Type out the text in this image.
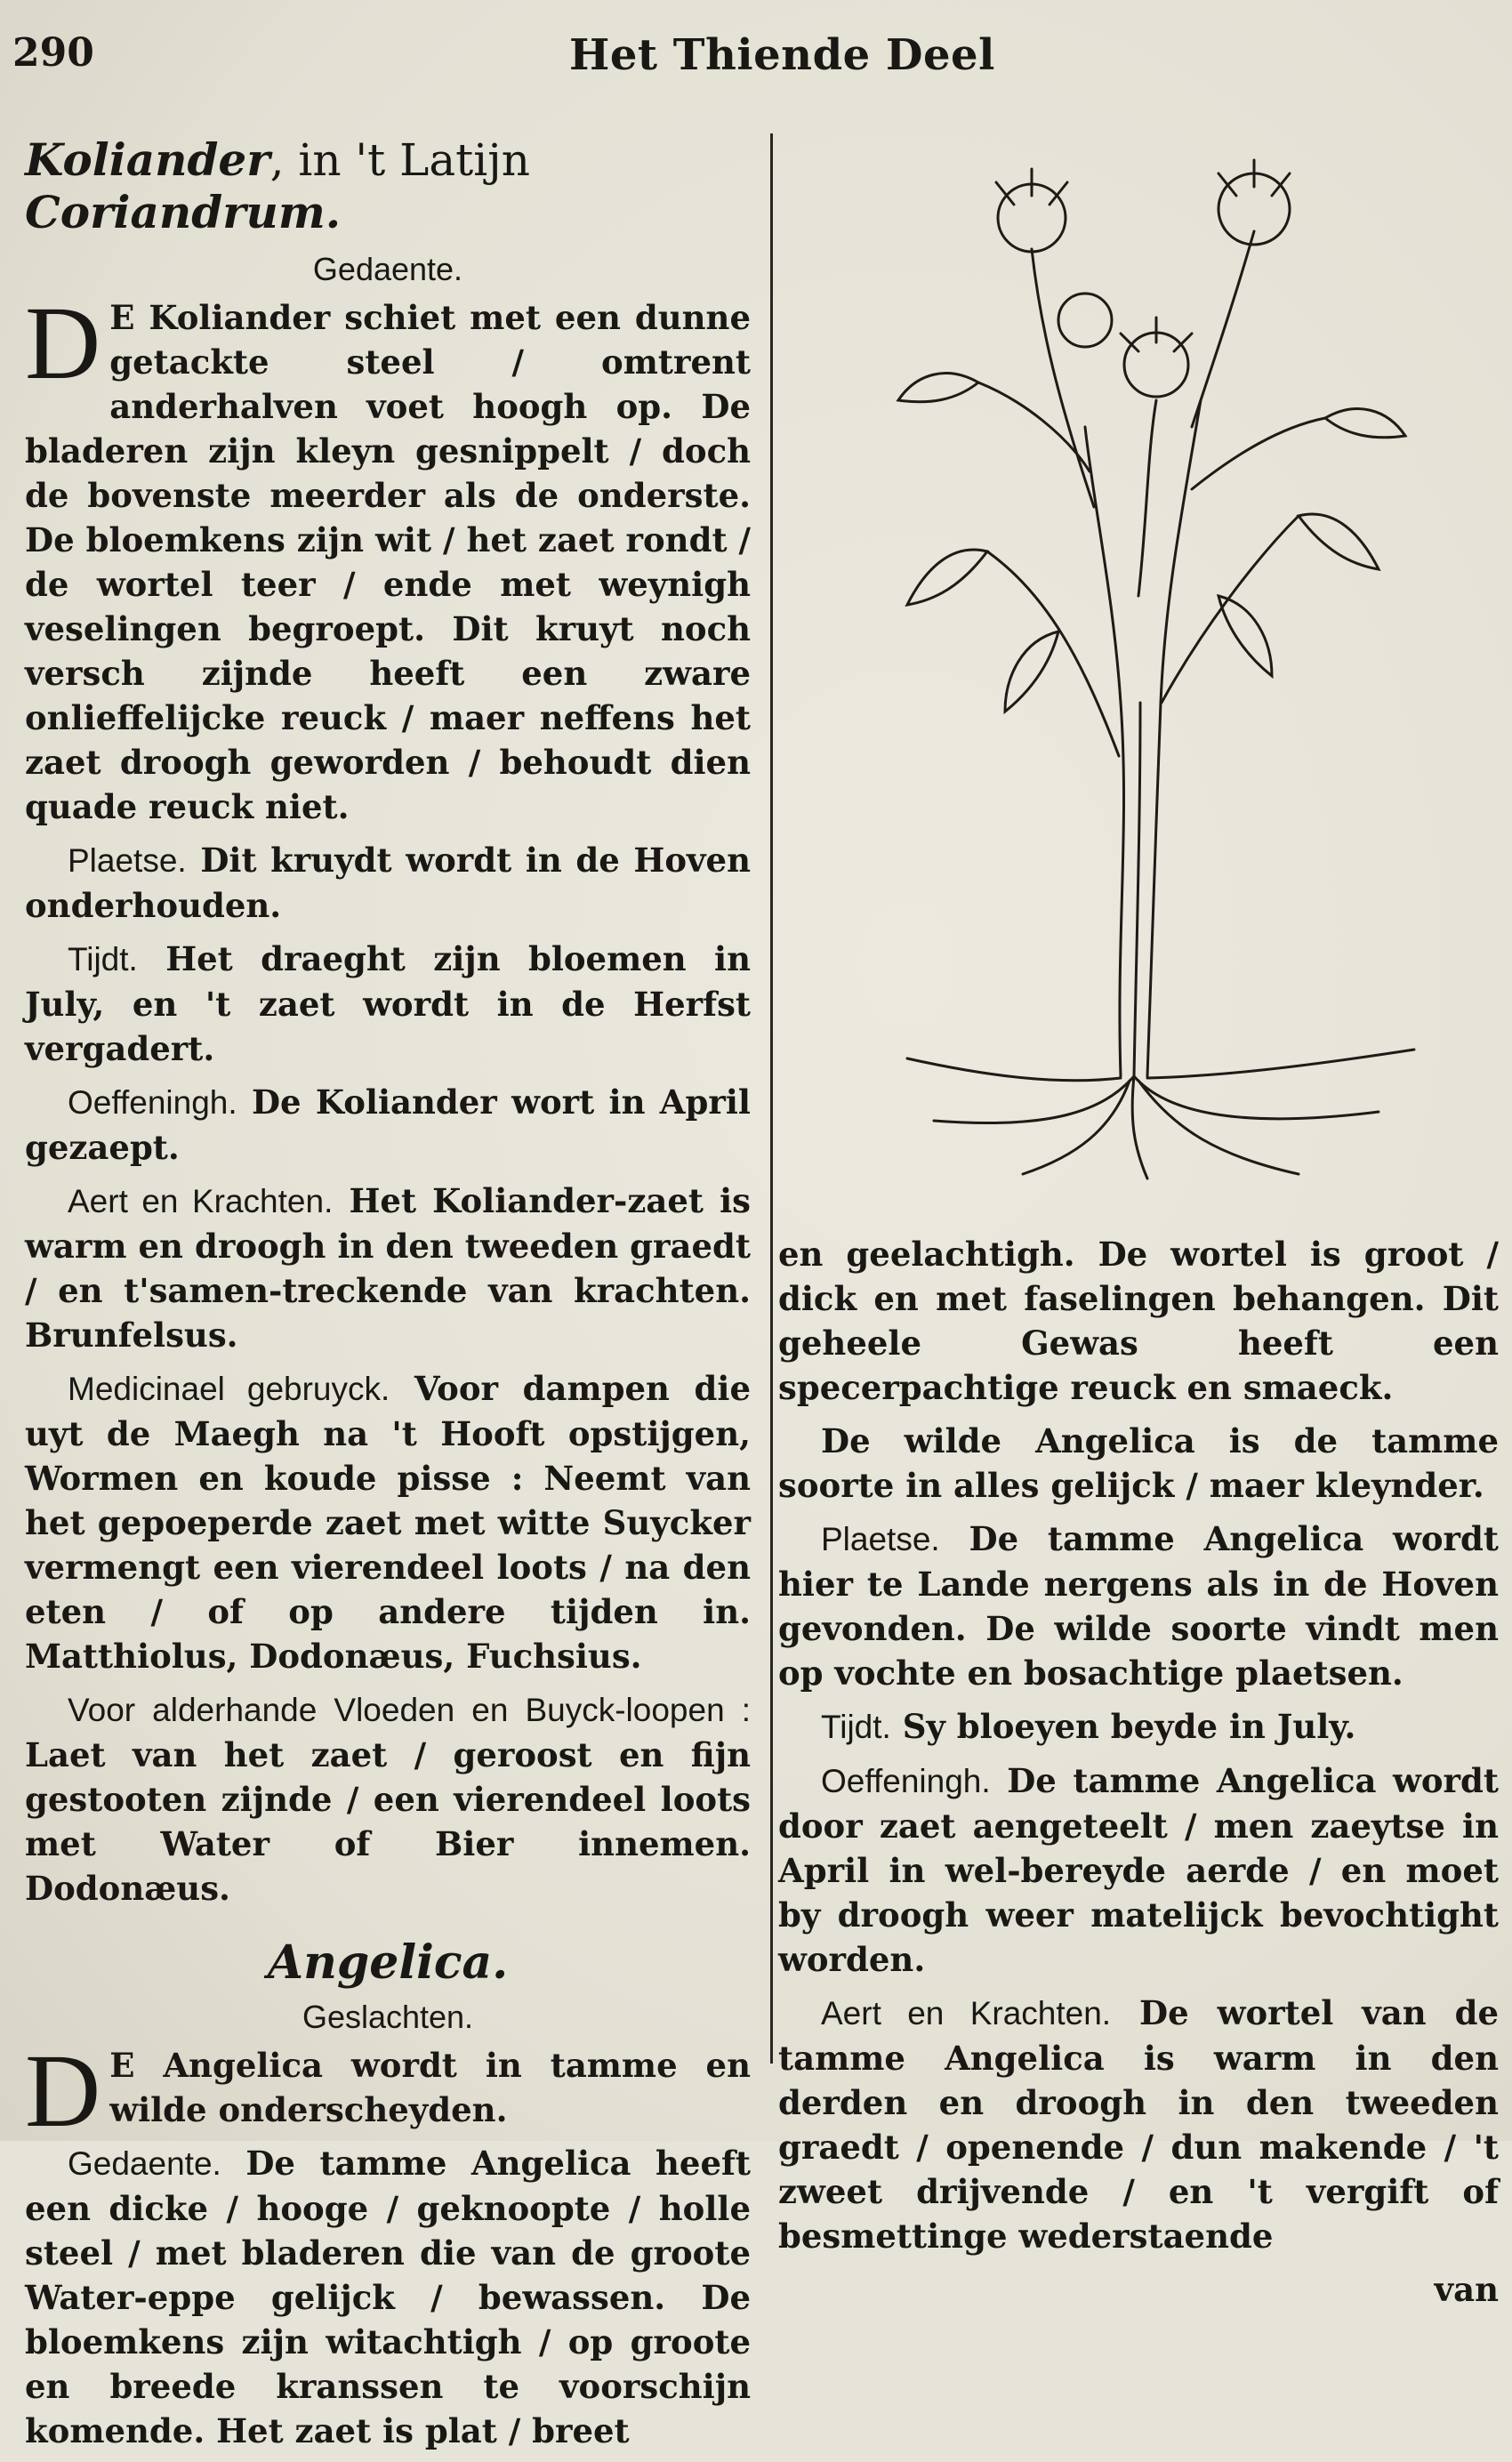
290	Het Thiende Deel
Koliander, in 't Latijn Coriandrum.
Gedaente.

D E Koliander schiet met een dunne getackte steel / omtrent anderhalven voet hoogh op. De bladeren zijn kleyn gesnippelt / doch de bovenste meerder als de onderste. De bloemkens zijn wit / het zaet rondt / de wortel teer / ende met weynigh veselingen begroept. Dit kruyt noch versch zijnde heeft een zware onlieffelijcke reuck / maer neffens het zaet droogh geworden / behoudt dien quade reuck niet.

Plaetse. Dit kruydt wordt in de Hoven onderhouden.

Tijdt. Het draeght zijn bloemen in July, en 't zaet wordt in de Herfst vergadert.

Oeffeningh. De Koliander wort in April gezaept.

Aert en Krachten. Het Koliander-zaet is warm en droogh in den tweeden graedt / en t'samen-treckende van krachten. Brunfelsus.

Medicinael gebruyck. Voor dampen die uyt de Maegh na 't Hooft opstijgen, Wormen en koude pisse : Neemt van het gepoeperde zaet met witte Suycker vermengt een vierendeel loots / na den eten / of op andere tijden in. Matthiolus, Dodonæus, Fuchsius.

Voor alderhande Vloeden en Buyck-loopen : Laet van het zaet / geroost en fijn gestooten zijnde / een vierendeel loots met Water of Bier innemen. Dodonæus.

Angelica.
Geslachten.

D E Angelica wordt in tamme en wilde onderscheyden.

Gedaente. De tamme Angelica heeft een dicke / hooge / geknoopte / holle steel / met bladeren die van de groote Water-eppe gelijck / bewassen. De bloemkens zijn witachtigh / op groote en breede kranssen te voorschijn komende. Het zaet is plat / breet

en geelachtigh. De wortel is groot / dick en met faselingen behangen. Dit geheele Gewas heeft een specerpachtige reuck en smaeck.

De wilde Angelica is de tamme soorte in alles gelijck / maer kleynder.

Plaetse. De tamme Angelica wordt hier te Lande nergens als in de Hoven gevonden. De wilde soorte vindt men op vochte en bosachtige plaetsen.

Tijdt. Sy bloeyen beyde in July.

Oeffeningh. De tamme Angelica wordt door zaet aengeteelt / men zaeytse in April in wel-bereyde aerde / en moet by droogh weer matelijck bevochtight worden.

Aert en Krachten. De wortel van de tamme Angelica is warm in den derden en droogh in den tweeden graedt / openende / dun makende / 't zweet drijvende / en 't vergift of besmettinge wederstaende

van
